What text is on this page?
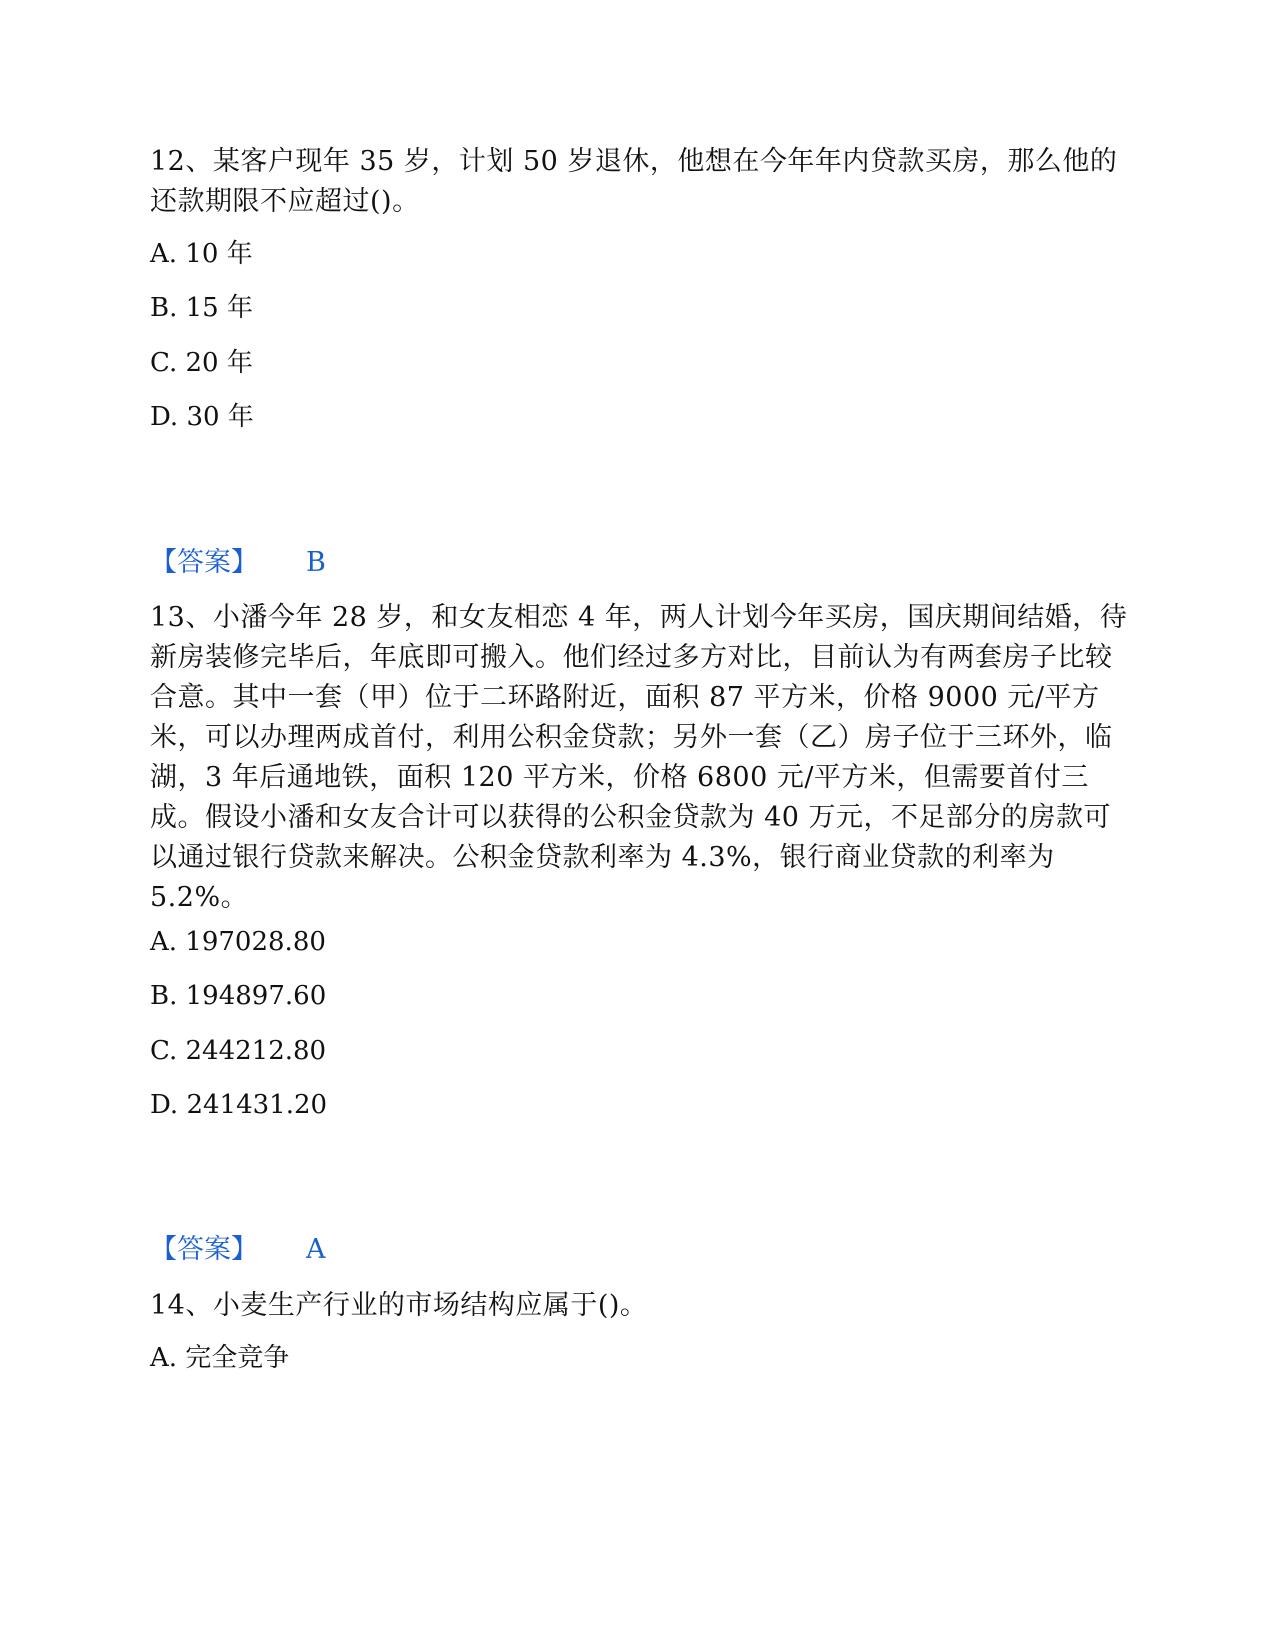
12、某客户现年 35 岁，计划 50 岁退休，他想在今年年内贷款买房，那么他的还款期限不应超过()。

A. 10 年

B. 15 年

C. 20 年

D. 30 年

【答案】 B

13、小潘今年 28 岁，和女友相恋 4 年，两人计划今年买房，国庆期间结婚，待新房装修完毕后，年底即可搬入。他们经过多方对比，目前认为有两套房子比较合意。其中一套（甲）位于二环路附近，面积 87 平方米，价格 9000 元/平方米，可以办理两成首付，利用公积金贷款；另外一套（乙）房子位于三环外，临湖，3 年后通地铁，面积 120 平方米，价格 6800 元/平方米，但需要首付三成。假设小潘和女友合计可以获得的公积金贷款为 40 万元，不足部分的房款可以通过银行贷款来解决。公积金贷款利率为 4.3%，银行商业贷款的利率为 5.2%。

A. 197028.80

B. 194897.60

C. 244212.80

D. 241431.20

【答案】 A

14、小麦生产行业的市场结构应属于()。

A. 完全竞争
